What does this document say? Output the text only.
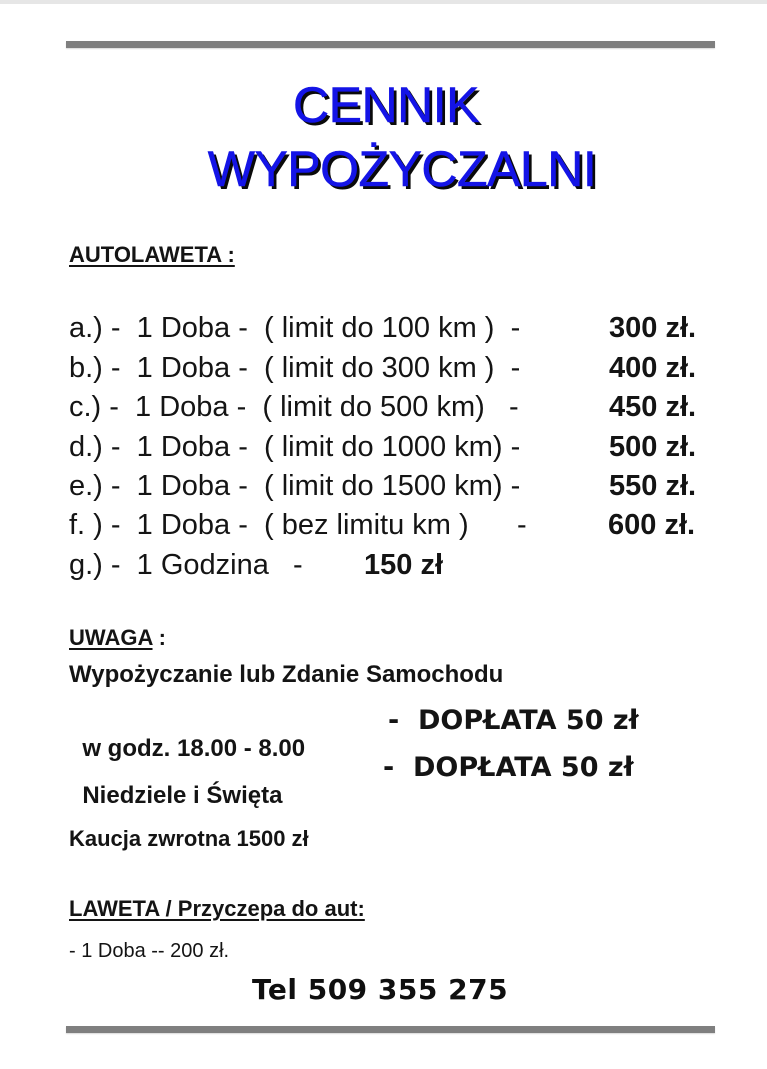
CENNIK
WYPOŻYCZALNI
AUTOLAWETA :

a.) -  1 Doba -  ( limit do 100 km )  -

	300 zł.

b.) -  1 Doba -  ( limit do 300 km )  -

	400 zł.

c.) -  1 Doba -  ( limit do 500 km)   -

	450 zł.

d.) -  1 Doba -  ( limit do 1000 km) -

	500 zł.

e.) -  1 Doba -  ( limit do 1500 km) -

	550 zł.

f. ) -  1 Doba -  ( bez limitu km )      -

	600 zł.

g.) -  1 Godzina   -

150 zł

UWAGA :
Wypożyczanie lub Zdanie Samochodu

w godz. 18.00 - 8.00

-  DOPŁATA 50 zł

Niedziele i Święta

-  DOPŁATA 50 zł

Kaucja zwrotna 1500 zł
LAWETA / Przyczepa do aut:
- 1 Doba -- 200 zł.
Tel 509 355 275
